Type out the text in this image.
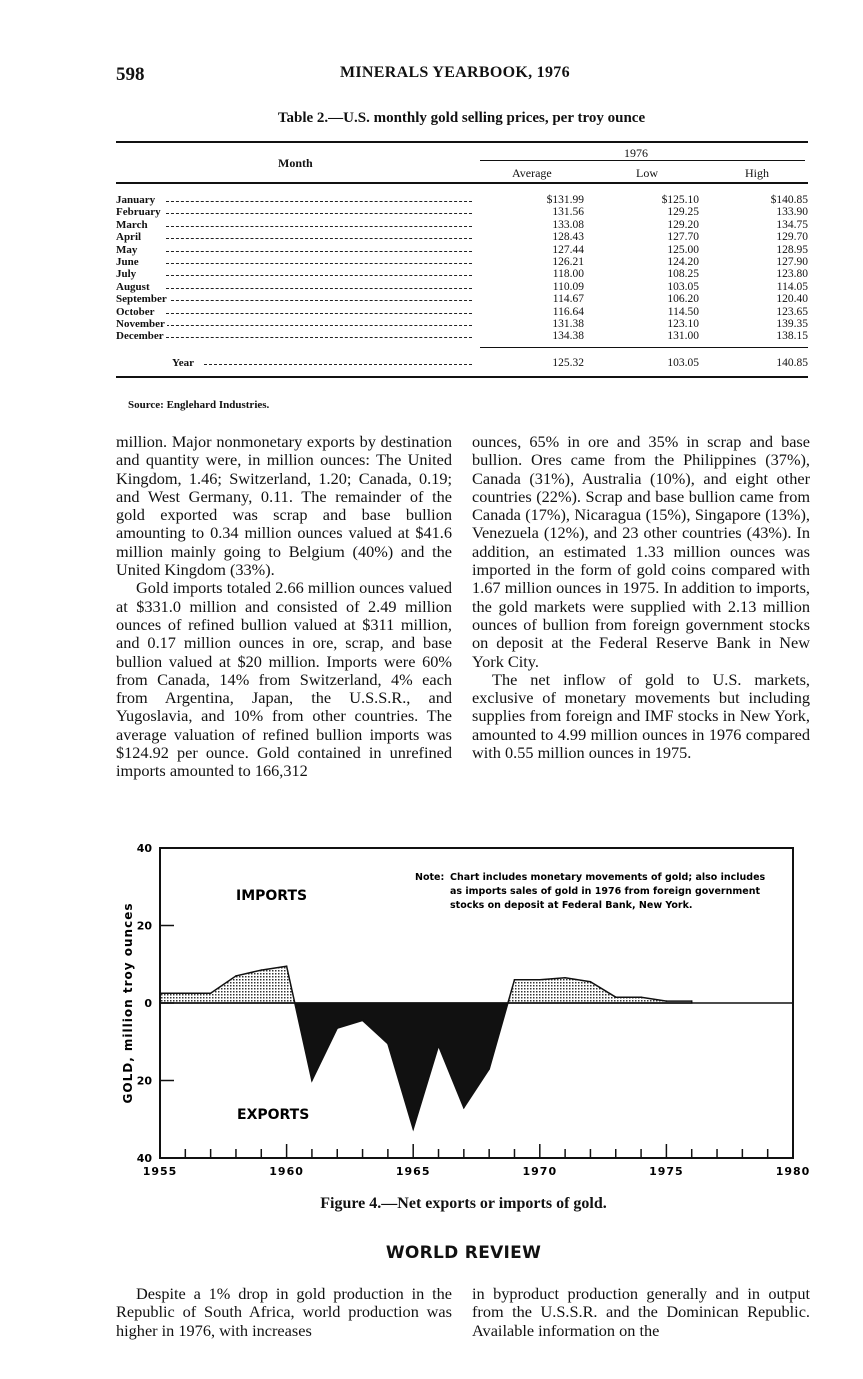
598	MINERALS YEARBOOK, 1976
Table 2.—U.S. monthly gold selling prices, per troy ounce
Month
1976
Average	Low	High
January	$131.99	$125.10	$140.85
February	131.56	129.25	133.90
March	133.08	129.20	134.75
April	128.43	127.70	129.70
May	127.44	125.00	128.95
June	126.21	124.20	127.90
July	118.00	108.25	123.80
August	110.09	103.05	114.05
September	114.67	106.20	120.40
October	116.64	114.50	123.65
November	131.38	123.10	139.35
December	134.38	131.00	138.15
Year	125.32	103.05	140.85
Source: Englehard Industries.

million. Major nonmonetary exports by destination and quantity were, in million ounces: The United Kingdom, 1.46; Switzerland, 1.20; Canada, 0.19; and West Germany, 0.11. The remainder of the gold exported was scrap and base bullion amounting to 0.34 million ounces valued at $41.6 million mainly going to Belgium (40%) and the United Kingdom (33%).

Gold imports totaled 2.66 million ounces valued at $331.0 million and consisted of 2.49 million ounces of refined bullion valued at $311 million, and 0.17 million ounces in ore, scrap, and base bullion valued at $20 million. Imports were 60% from Canada, 14% from Switzerland, 4% each from Argentina, Japan, the U.S.S.R., and Yugoslavia, and 10% from other countries. The average valuation of refined bullion imports was $124.92 per ounce. Gold contained in unrefined imports amounted to 166,312

ounces, 65% in ore and 35% in scrap and base bullion. Ores came from the Philippines (37%), Canada (31%), Australia (10%), and eight other countries (22%). Scrap and base bullion came from Canada (17%), Nicaragua (15%), Singapore (13%), Venezuela (12%), and 23 other countries (43%). In addition, an estimated 1.33 million ounces was imported in the form of gold coins compared with 1.67 million ounces in 1975. In addition to imports, the gold markets were supplied with 2.13 million ounces of bullion from foreign government stocks on deposit at the Federal Reserve Bank in New York City.

The net inflow of gold to U.S. markets, exclusive of monetary movements but including supplies from foreign and IMF stocks in New York, amounted to 4.99 million ounces in 1976 compared with 0.55 million ounces in 1975.

40
20
0
20
40
1955	1960	1965	1970	1975	1980
GOLD, million troy ounces
IMPORTS
EXPORTS
Note: Chart includes monetary movements of gold; also includes
as imports sales of gold in 1976 from foreign government
stocks on deposit at Federal Bank, New York.
Figure 4.—Net exports or imports of gold.
WORLD REVIEW

Despite a 1% drop in gold production in the Republic of South Africa, world production was higher in 1976, with increases

in byproduct production generally and in output from the U.S.S.R. and the Dominican Republic. Available information on the
